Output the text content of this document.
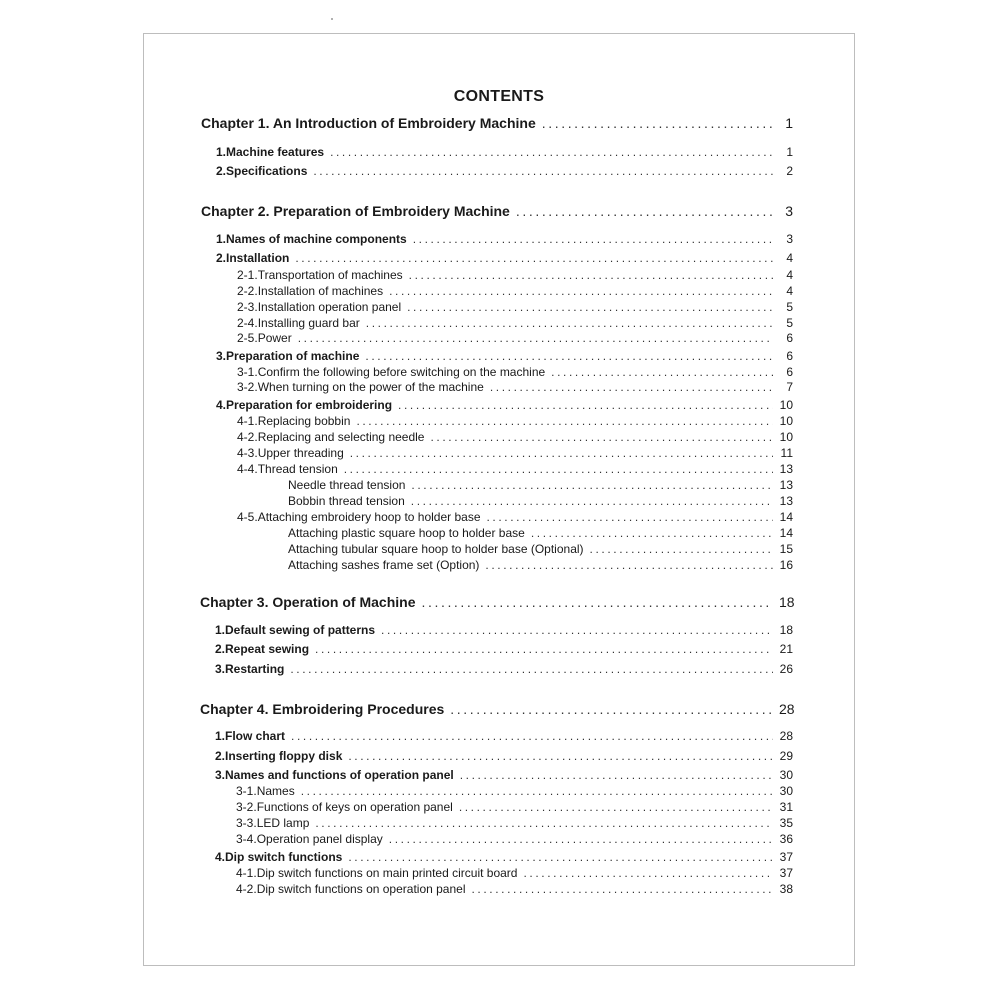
CONTENTS
Chapter 1. An Introduction of Embroidery Machine .....	1
1. Machine features .....	1
2. Specifications .....	2
Chapter 2. Preparation of Embroidery Machine .....	3
1. Names of machine components .....	3
2. Installation .....	4
2-1. Transportation of machines .....	4
2-2. Installation of machines .....	4
2-3. Installation operation panel .....	5
2-4. Installing guard bar .....	5
2-5. Power .....	6
3. Preparation of machine .....	6
3-1. Confirm the following before switching on the machine .....	6
3-2. When turning on the power of the machine .....	7
4. Preparation for embroidering .....	10
4-1. Replacing bobbin .....	10
4-2. Replacing and selecting needle .....	10
4-3. Upper threading .....	11
4-4. Thread tension .....	13
Needle thread tension .....	13
Bobbin thread tension .....	13
4-5. Attaching embroidery hoop to holder base .....	14
Attaching plastic square hoop to holder base .....	14
Attaching tubular square hoop to holder base (Optional) .....	15
Attaching sashes frame set (Option) .....	16
Chapter 3. Operation of Machine .....	18
1. Default sewing of patterns .....	18
2. Repeat sewing .....	21
3. Restarting .....	26
Chapter 4. Embroidering Procedures .....	28
1. Flow chart .....	28
2. Inserting floppy disk .....	29
3. Names and functions of operation panel .....	30
3-1. Names .....	30
3-2. Functions of keys on operation panel .....	31
3-3. LED lamp .....	35
3-4. Operation panel display .....	36
4. Dip switch functions .....	37
4-1. Dip switch functions on main printed circuit board .....	37
4-2. Dip switch functions on operation panel .....	38
